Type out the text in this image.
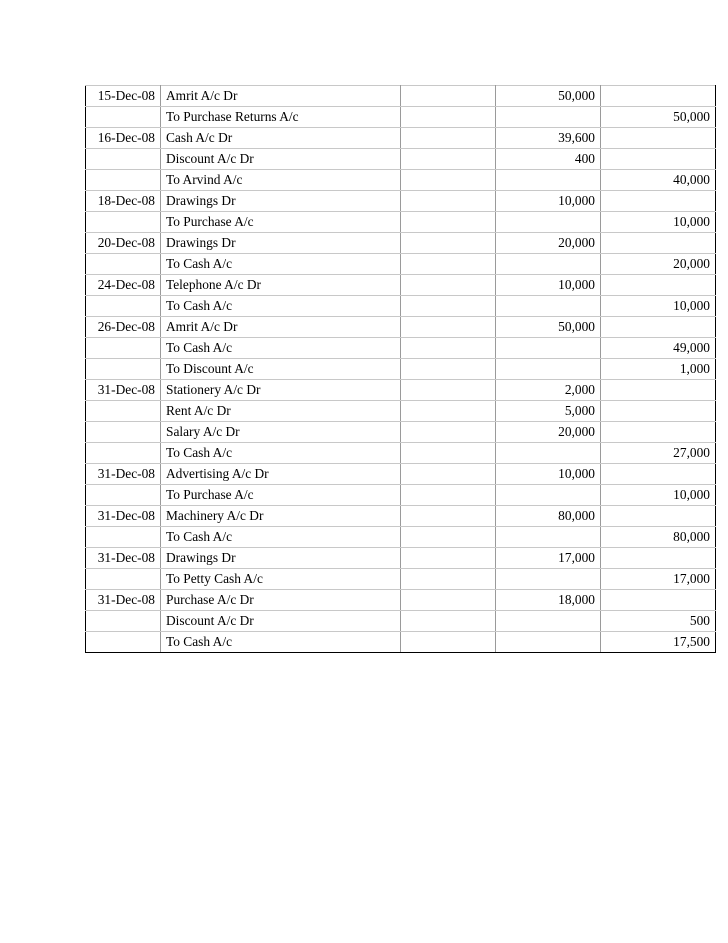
15-Dec-08	Amrit A/c Dr		50,000	
	To Purchase Returns A/c			50,000
16-Dec-08	Cash A/c Dr		39,600	
	Discount A/c Dr		400	
	To Arvind A/c			40,000
18-Dec-08	Drawings Dr		10,000	
	To Purchase A/c			10,000
20-Dec-08	Drawings Dr		20,000	
	To Cash A/c			20,000
24-Dec-08	Telephone A/c Dr		10,000	
	To Cash A/c			10,000
26-Dec-08	Amrit A/c Dr		50,000	
	To Cash A/c			49,000
	To Discount A/c			1,000
31-Dec-08	Stationery A/c Dr		2,000	
	Rent A/c Dr		5,000	
	Salary A/c Dr		20,000	
	To Cash A/c			27,000
31-Dec-08	Advertising A/c Dr		10,000	
	To Purchase A/c			10,000
31-Dec-08	Machinery A/c Dr		80,000	
	To Cash A/c			80,000
31-Dec-08	Drawings Dr		17,000	
	To Petty Cash A/c			17,000
31-Dec-08	Purchase A/c Dr		18,000	
	Discount A/c Dr			500
	To Cash A/c			17,500
